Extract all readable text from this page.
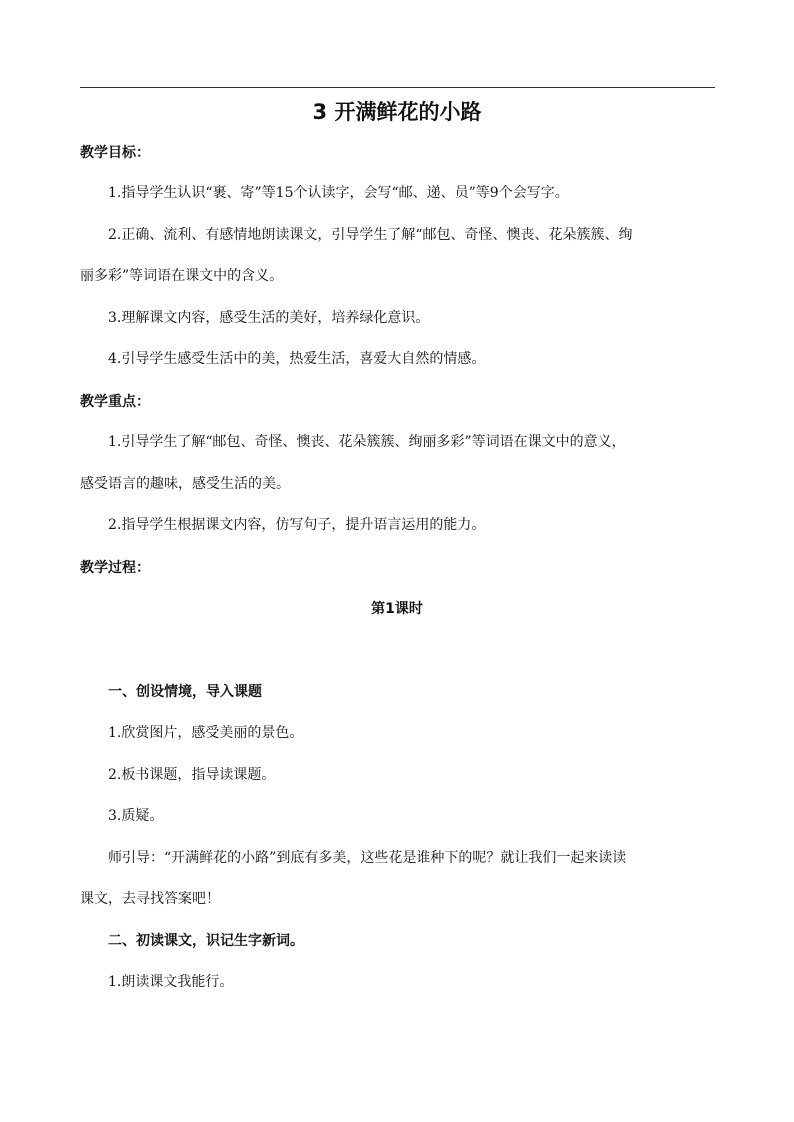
3 开满鲜花的小路
教学目标：
1.指导学生认识“裹、寄”等15个认读字，会写“邮、递、员”等9个会写字。
2.正确、流利、有感情地朗读课文，引导学生了解“邮包、奇怪、懊丧、花朵簇簇、绚
丽多彩”等词语在课文中的含义。
3.理解课文内容，感受生活的美好，培养绿化意识。
4.引导学生感受生活中的美，热爱生活，喜爱大自然的情感。
教学重点：
1.引导学生了解“邮包、奇怪、懊丧、花朵簇簇、绚丽多彩”等词语在课文中的意义，
感受语言的趣味，感受生活的美。
2.指导学生根据课文内容，仿写句子，提升语言运用的能力。
教学过程：
第1课时
一、创设情境，导入课题
1.欣赏图片，感受美丽的景色。
2.板书课题，指导读课题。
3.质疑。
师引导：“开满鲜花的小路”到底有多美，这些花是谁种下的呢？就让我们一起来读读
课文，去寻找答案吧！
二、初读课文，识记生字新词。
1.朗读课文我能行。
